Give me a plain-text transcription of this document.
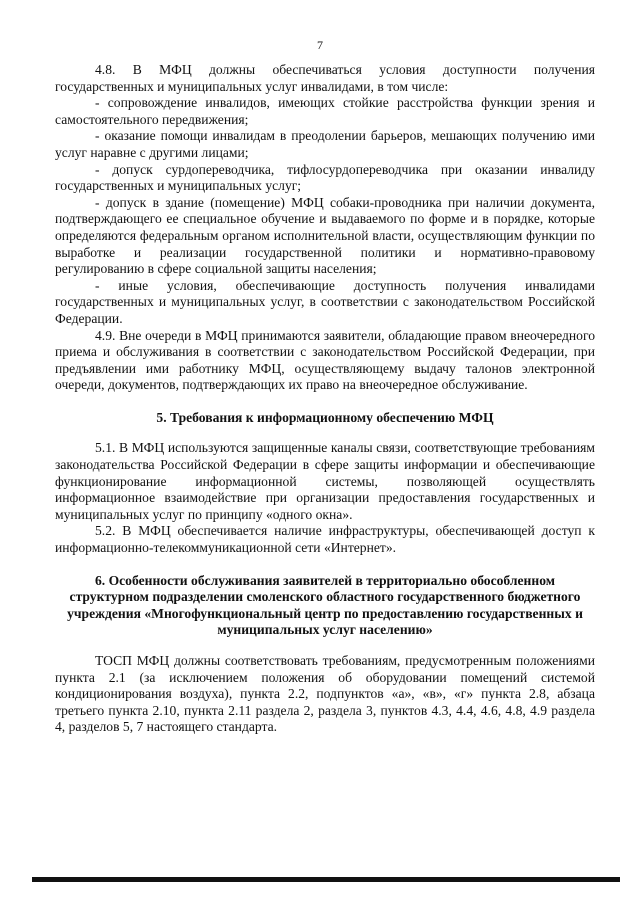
7

4.8. В МФЦ должны обеспечиваться условия доступности получения государственных и муниципальных услуг инвалидами, в том числе:

- сопровождение инвалидов, имеющих стойкие расстройства функции зрения и самостоятельного передвижения;

- оказание помощи инвалидам в преодолении барьеров, мешающих получению ими услуг наравне с другими лицами;

- допуск сурдопереводчика, тифлосурдопереводчика при оказании инвалиду государственных и муниципальных услуг;

- допуск в здание (помещение) МФЦ собаки-проводника при наличии документа, подтверждающего ее специальное обучение и выдаваемого по форме и в порядке, которые определяются федеральным органом исполнительной власти, осуществляющим функции по выработке и реализации государственной политики и нормативно-правовому регулированию в сфере социальной защиты населения;

- иные условия, обеспечивающие доступность получения инвалидами государственных и муниципальных услуг, в соответствии с законодательством Российской Федерации.

4.9. Вне очереди в МФЦ принимаются заявители, обладающие правом внеочередного приема и обслуживания в соответствии с законодательством Российской Федерации, при предъявлении ими работнику МФЦ, осуществляющему выдачу талонов электронной очереди, документов, подтверждающих их право на внеочередное обслуживание.

5. Требования к информационному обеспечению МФЦ

5.1. В МФЦ используются защищенные каналы связи, соответствующие требованиям законодательства Российской Федерации в сфере защиты информации и обеспечивающие функционирование информационной системы, позволяющей осуществлять информационное взаимодействие при организации предоставления государственных и муниципальных услуг по принципу «одного окна».

5.2. В МФЦ обеспечивается наличие инфраструктуры, обеспечивающей доступ к информационно-телекоммуникационной сети «Интернет».

6. Особенности обслуживания заявителей в территориально обособленном структурном подразделении смоленского областного государственного бюджетного учреждения «Многофункциональный центр по предоставлению государственных и муниципальных услуг населению»

ТОСП МФЦ должны соответствовать требованиям, предусмотренным положениями пункта 2.1 (за исключением положения об оборудовании помещений системой кондиционирования воздуха), пункта 2.2, подпунктов «а», «в», «г» пункта 2.8, абзаца третьего пункта 2.10, пункта 2.11 раздела 2, раздела 3, пунктов 4.3, 4.4, 4.6, 4.8, 4.9 раздела 4, разделов 5, 7 настоящего стандарта.
